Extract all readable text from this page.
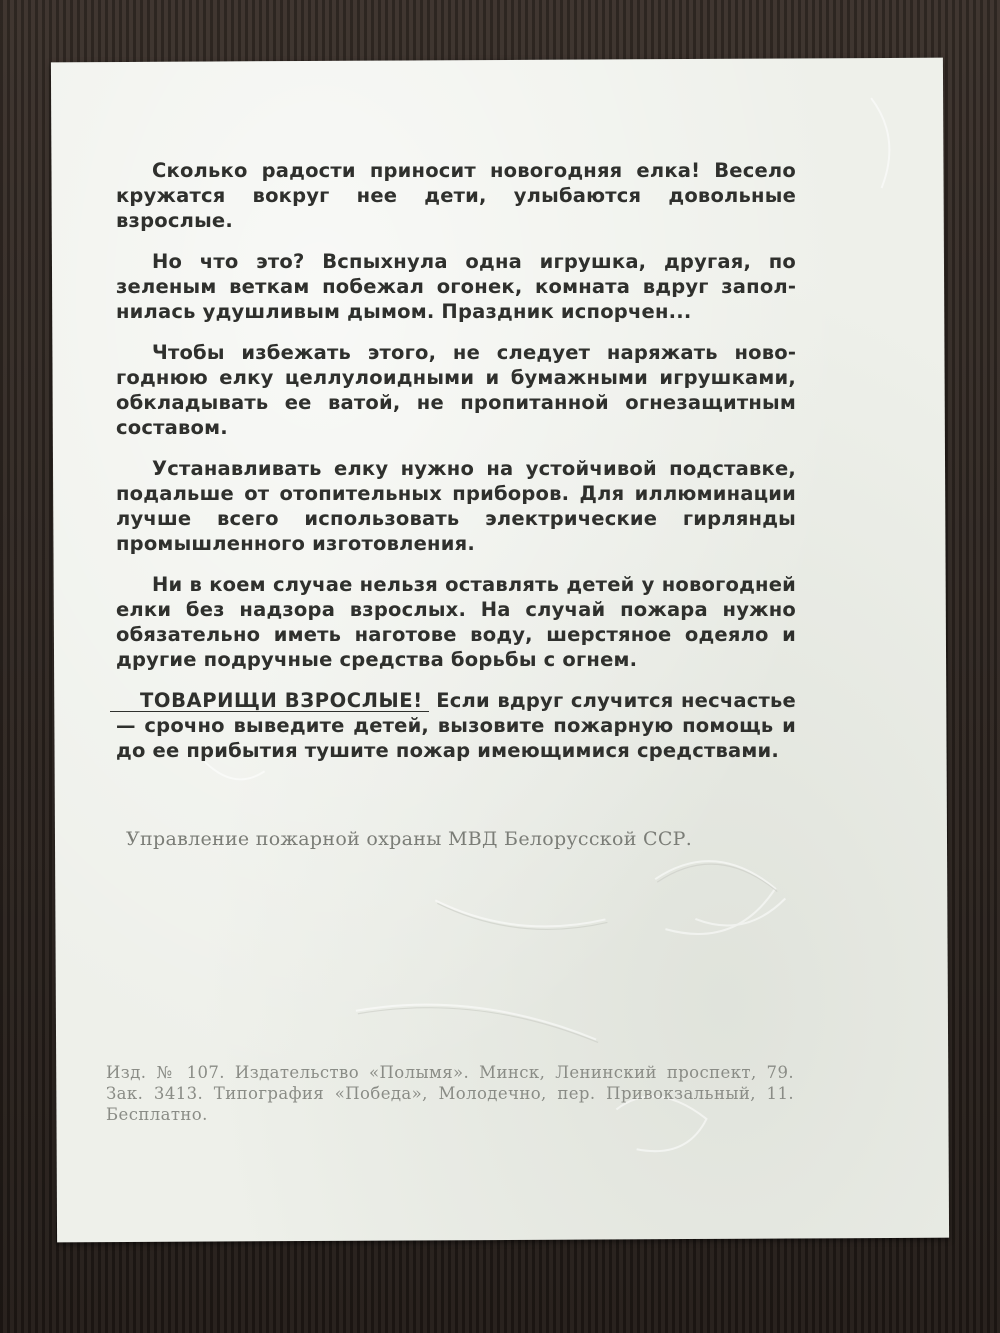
Сколько радости приносит новогодняя елка! Весело кружатся вокруг нее дети, улыбаются довольные взрослые.

Но что это? Вспыхнула одна игрушка, другая, по зеленым веткам побежал огонек, комната вдруг заполнилась удушливым дымом. Праздник испорчен...

Чтобы избежать этого, не следует наряжать новогоднюю елку целлулоидными и бумажными игрушками, обкладывать ее ватой, не пропитанной огнезащитным составом.

Устанавливать елку нужно на устойчивой подставке, подальше от отопительных приборов. Для иллюминации лучше всего использовать электрические гирлянды промышленного изготовления.

Ни в коем случае нельзя оставлять детей у новогодней елки без надзора взрослых. На случай пожара нужно обязательно иметь наготове воду, шерстяное одеяло и другие подручные средства борьбы с огнем.

ТОВАРИЩИ ВЗРОСЛЫЕ! Если вдруг случится несчастье — срочно выведите детей, вызовите пожарную помощь и до ее прибытия тушите пожар имеющимися средствами.
Управление пожарной охраны МВД Белорусской ССР.
Изд. № 107. Издательство «Полымя». Минск, Ленинский проспект, 79. Зак. 3413. Типография «Победа», Молодечно, пер. Привокзальный, 11. Бесплатно.
